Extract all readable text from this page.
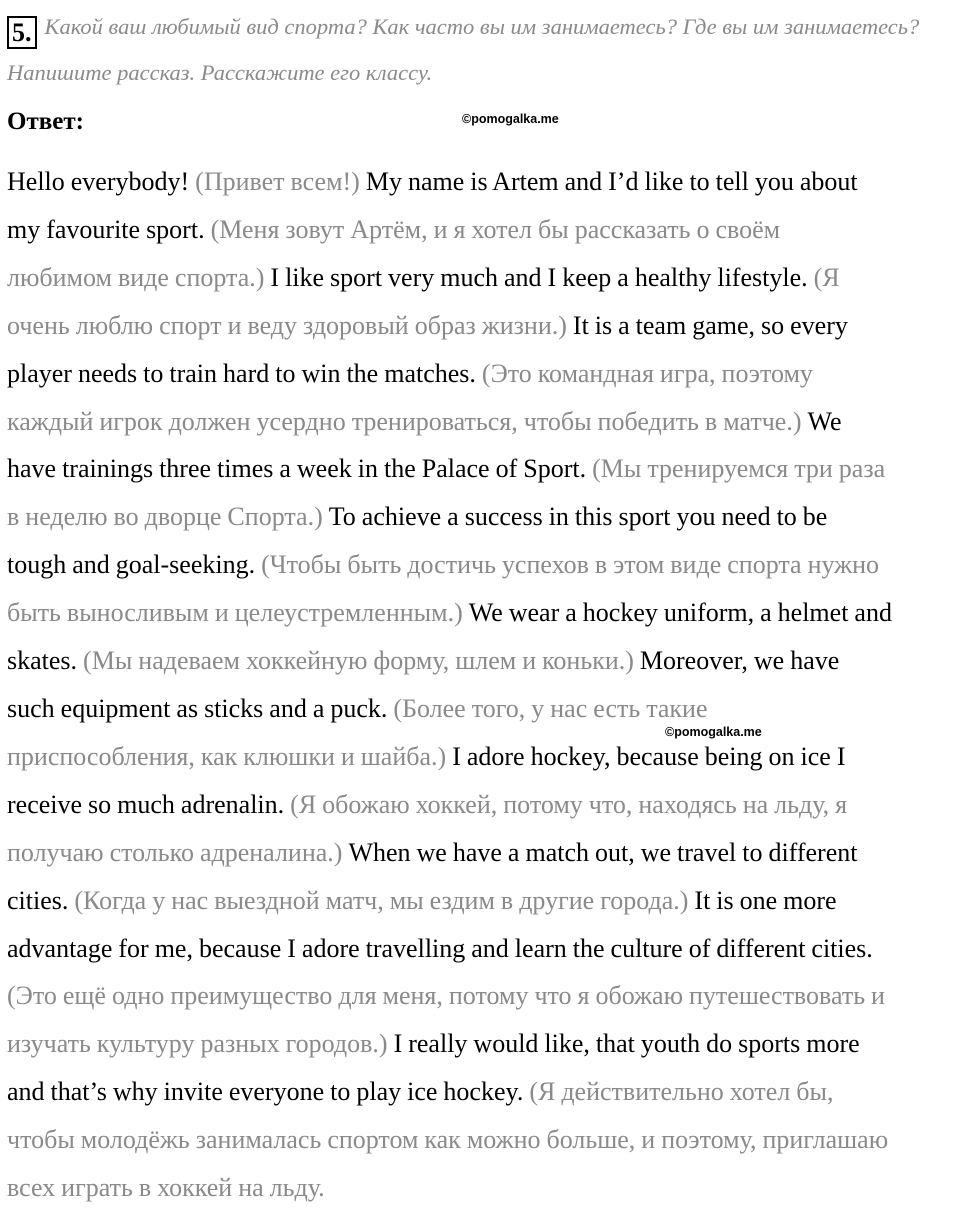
5. Какой ваш любимый вид спорта? Как часто вы им занимаетесь? Где вы им занимаетесь? Напишите рассказ. Расскажите его классу.
Ответ:	©pomogalka.me
©pomogalka.me
Hello everybody! (Привет всем!) My name is Artem and I’d like to tell you about
my favourite sport. (Меня зовут Артём, и я хотел бы рассказать о своём
любимом виде спорта.) I like sport very much and I keep a healthy lifestyle. (Я
очень люблю спорт и веду здоровый образ жизни.) It is a team game, so every
player needs to train hard to win the matches. (Это командная игра, поэтому
каждый игрок должен усердно тренироваться, чтобы победить в матче.) We
have trainings three times a week in the Palace of Sport. (Мы тренируемся три раза
в неделю во дворце Спорта.) To achieve a success in this sport you need to be
tough and goal-seeking. (Чтобы быть достичь успехов в этом виде спорта нужно
быть выносливым и целеустремленным.) We wear a hockey uniform, a helmet and
skates. (Мы надеваем хоккейную форму, шлем и коньки.) Moreover, we have
such equipment as sticks and a puck. (Более того, у нас есть такие
приспособления, как клюшки и шайба.) I adore hockey, because being on ice I
receive so much adrenalin. (Я обожаю хоккей, потому что, находясь на льду, я
получаю столько адреналина.) When we have a match out, we travel to different
cities. (Когда у нас выездной матч, мы ездим в другие города.) It is one more
advantage for me, because I adore travelling and learn the culture of different cities.
(Это ещё одно преимущество для меня, потому что я обожаю путешествовать и
изучать культуру разных городов.) I really would like, that youth do sports more
and that’s why invite everyone to play ice hockey. (Я действительно хотел бы,
чтобы молодёжь занималась спортом как можно больше, и поэтому, приглашаю
всех играть в хоккей на льду.
